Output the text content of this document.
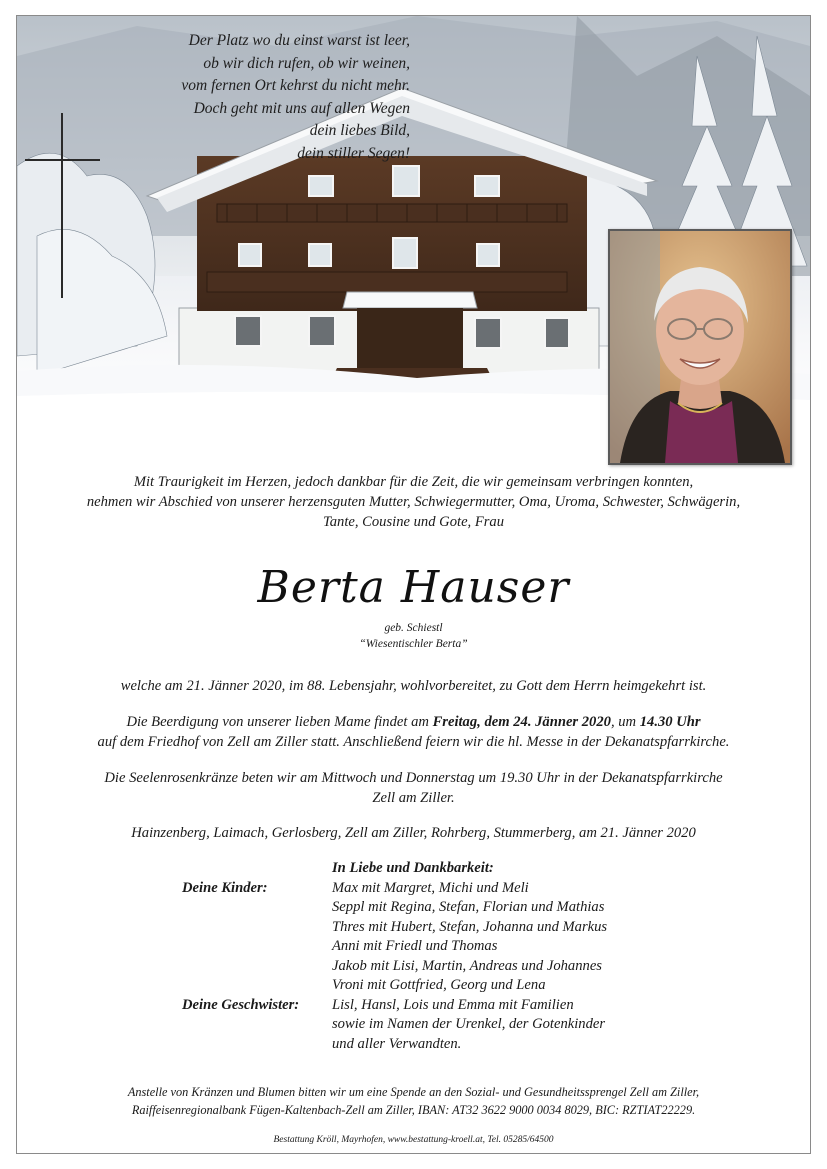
Der Platz wo du einst warst ist leer,
ob wir dich rufen, ob wir weinen,
vom fernen Ort kehrst du nicht mehr.
Doch geht mit uns auf allen Wegen
dein liebes Bild,
dein stiller Segen!
Mit Traurigkeit im Herzen, jedoch dankbar für die Zeit, die wir gemeinsam verbringen konnten,
nehmen wir Abschied von unserer herzensguten Mutter, Schwiegermutter, Oma, Uroma, Schwester, Schwägerin,
Tante, Cousine und Gote, Frau
Berta Hauser
geb. Schiestl
“Wiesentischler Berta”
welche am 21. Jänner 2020, im 88. Lebensjahr, wohlvorbereitet, zu Gott dem Herrn heimgekehrt ist.
Die Beerdigung von unserer lieben Mame findet am Freitag, dem 24. Jänner 2020, um 14.30 Uhr
auf dem Friedhof von Zell am Ziller statt. Anschließend feiern wir die hl. Messe in der Dekanatspfarrkirche.
Die Seelenrosenkränze beten wir am Mittwoch und Donnerstag um 19.30 Uhr in der Dekanatspfarrkirche
Zell am Ziller.
Hainzenberg, Laimach, Gerlosberg, Zell am Ziller, Rohrberg, Stummerberg, am 21. Jänner 2020
Deine Kinder:
Deine Geschwister:
In Liebe und Dankbarkeit:
Max mit Margret, Michi und Meli
Seppl mit Regina, Stefan, Florian und Mathias
Thres mit Hubert, Stefan, Johanna und Markus
Anni mit Friedl und Thomas
Jakob mit Lisi, Martin, Andreas und Johannes
Vroni mit Gottfried, Georg und Lena
Lisl, Hansl, Lois und Emma mit Familien
sowie im Namen der Urenkel, der Gotenkinder
und aller Verwandten.
Anstelle von Kränzen und Blumen bitten wir um eine Spende an den Sozial- und Gesundheitssprengel Zell am Ziller,
Raiffeisenregionalbank Fügen-Kaltenbach-Zell am Ziller, IBAN: AT32 3622 9000 0034 8029, BIC: RZTIAT22229.
Bestattung Kröll, Mayrhofen, www.bestattung-kroell.at, Tel. 05285/64500
